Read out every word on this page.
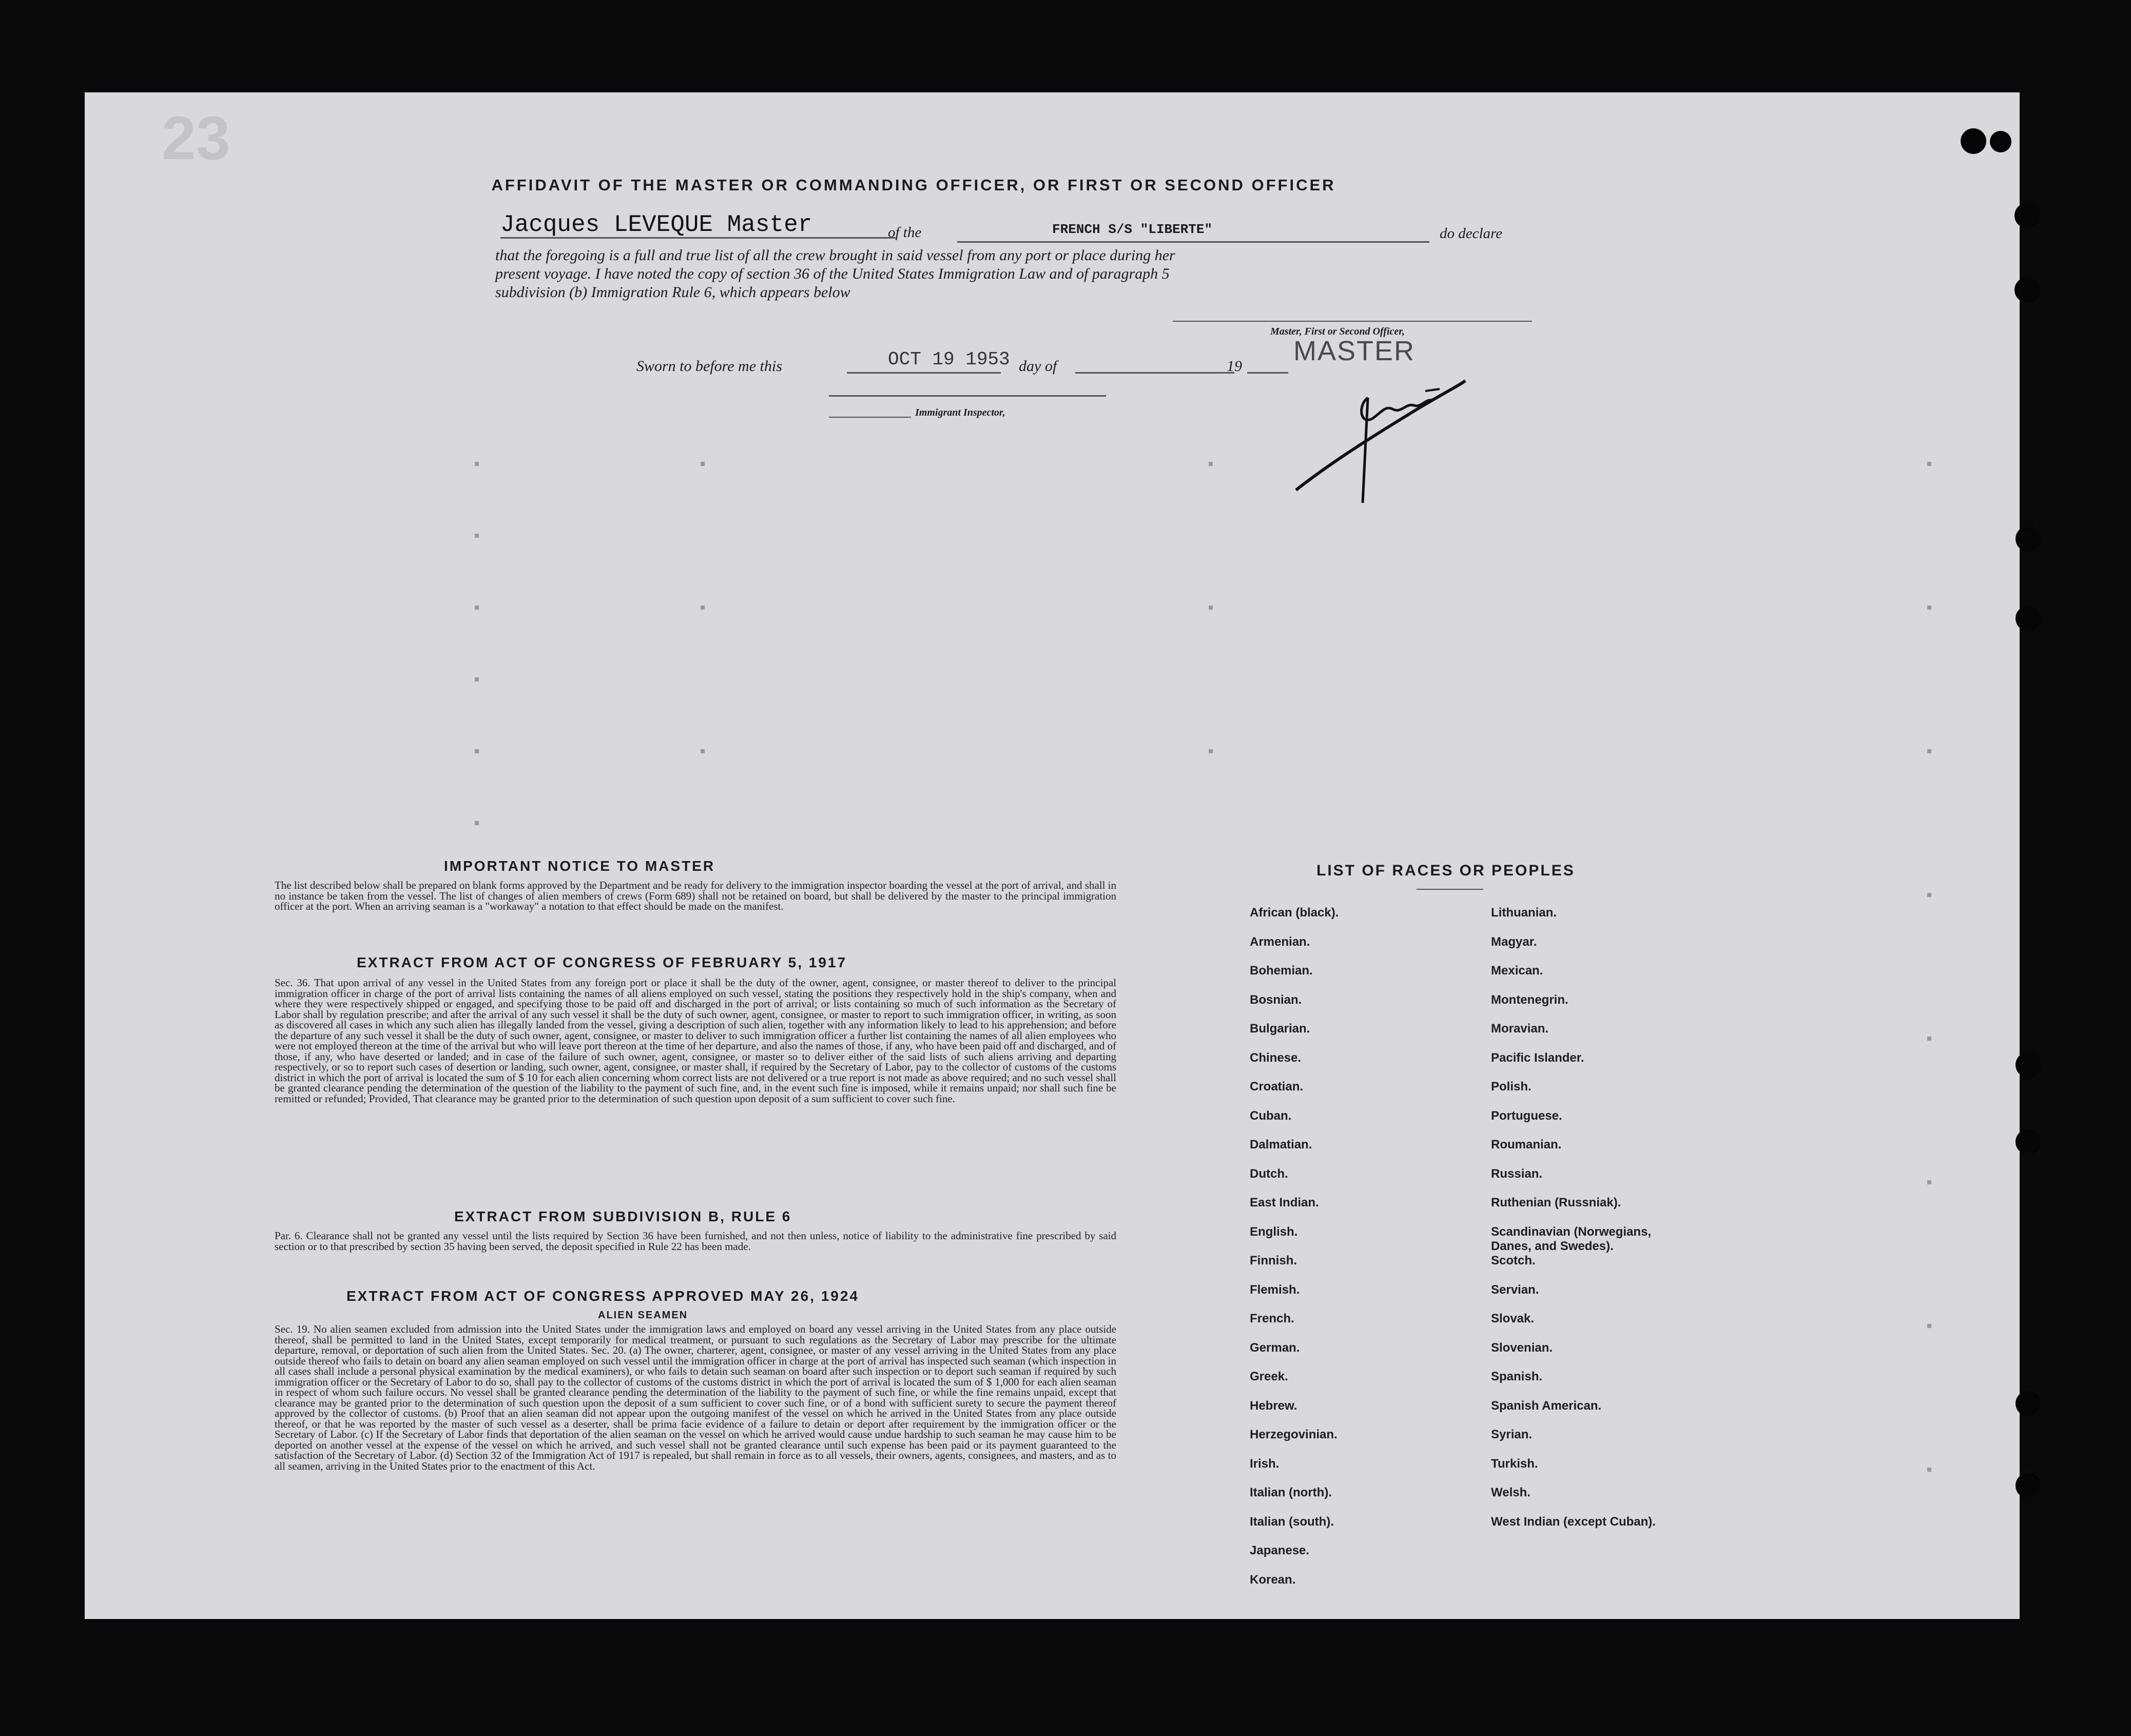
23
AFFIDAVIT OF THE MASTER OR COMMANDING OFFICER, OR FIRST OR SECOND OFFICER
Jacques LEVEQUE Master	of the	FRENCH S/S "LIBERTE"	do declare
that the foregoing is a full and true list of all the crew brought in said vessel from any port or place during her
present voyage. I have noted the copy of section 36 of the United States Immigration Law and of paragraph 5
subdivision (b) Immigration Rule 6, which appears below
Master, First or Second Officer,
MASTER
Sworn to before me this	OCT 19 1953 day of	19
Immigrant Inspector,
IMPORTANT NOTICE TO MASTER
The list described below shall be prepared on blank forms approved by the Department and be ready for delivery to the immigration inspector boarding the vessel at the port of arrival, and shall in no instance be taken from the vessel. The list of changes of alien members of crews (Form 689) shall not be retained on board, but shall be delivered by the master to the principal immigration officer at the port. When an arriving seaman is a "workaway" a notation to that effect should be made on the manifest.
EXTRACT FROM ACT OF CONGRESS OF FEBRUARY 5, 1917
Sec. 36. That upon arrival of any vessel in the United States from any foreign port or place it shall be the duty of the owner, agent, consignee, or master thereof to deliver to the principal immigration officer in charge of the port of arrival lists containing the names of all aliens employed on such vessel, stating the positions they respectively hold in the ship's company, when and where they were respectively shipped or engaged, and specifying those to be paid off and discharged in the port of arrival; or lists containing so much of such information as the Secretary of Labor shall by regulation prescribe; and after the arrival of any such vessel it shall be the duty of such owner, agent, consignee, or master to report to such immigration officer, in writing, as soon as discovered all cases in which any such alien has illegally landed from the vessel, giving a description of such alien, together with any information likely to lead to his apprehension; and before the departure of any such vessel it shall be the duty of such owner, agent, consignee, or master to deliver to such immigration officer a further list containing the names of all alien employees who were not employed thereon at the time of the arrival but who will leave port thereon at the time of her departure, and also the names of those, if any, who have been paid off and discharged, and of those, if any, who have deserted or landed; and in case of the failure of such owner, agent, consignee, or master so to deliver either of the said lists of such aliens arriving and departing respectively, or so to report such cases of desertion or landing, such owner, agent, consignee, or master shall, if required by the Secretary of Labor, pay to the collector of customs of the customs district in which the port of arrival is located the sum of $ 10 for each alien concerning whom correct lists are not delivered or a true report is not made as above required; and no such vessel shall be granted clearance pending the determination of the question of the liability to the payment of such fine, and, in the event such fine is imposed, while it remains unpaid; nor shall such fine be remitted or refunded; Provided, That clearance may be granted prior to the determination of such question upon deposit of a sum sufficient to cover such fine.
EXTRACT FROM SUBDIVISION B, RULE 6
Par. 6. Clearance shall not be granted any vessel until the lists required by Section 36 have been furnished, and not then unless, notice of liability to the administrative fine prescribed by said section or to that prescribed by section 35 having been served, the deposit specified in Rule 22 has been made.
EXTRACT FROM ACT OF CONGRESS APPROVED MAY 26, 1924
ALIEN SEAMEN
Sec. 19. No alien seamen excluded from admission into the United States under the immigration laws and employed on board any vessel arriving in the United States from any place outside thereof, shall be permitted to land in the United States, except temporarily for medical treatment, or pursuant to such regulations as the Secretary of Labor may prescribe for the ultimate departure, removal, or deportation of such alien from the United States. Sec. 20. (a) The owner, charterer, agent, consignee, or master of any vessel arriving in the United States from any place outside thereof who fails to detain on board any alien seaman employed on such vessel until the immigration officer in charge at the port of arrival has inspected such seaman (which inspection in all cases shall include a personal physical examination by the medical examiners), or who fails to detain such seaman on board after such inspection or to deport such seaman if required by such immigration officer or the Secretary of Labor to do so, shall pay to the collector of customs of the customs district in which the port of arrival is located the sum of $ 1,000 for each alien seaman in respect of whom such failure occurs. No vessel shall be granted clearance pending the determination of the liability to the payment of such fine, or while the fine remains unpaid, except that clearance may be granted prior to the determination of such question upon the deposit of a sum sufficient to cover such fine, or of a bond with sufficient surety to secure the payment thereof approved by the collector of customs. (b) Proof that an alien seaman did not appear upon the outgoing manifest of the vessel on which he arrived in the United States from any place outside thereof, or that he was reported by the master of such vessel as a deserter, shall be prima facie evidence of a failure to detain or deport after requirement by the immigration officer or the Secretary of Labor. (c) If the Secretary of Labor finds that deportation of the alien seaman on the vessel on which he arrived would cause undue hardship to such seaman he may cause him to be deported on another vessel at the expense of the vessel on which he arrived, and such vessel shall not be granted clearance until such expense has been paid or its payment guaranteed to the satisfaction of the Secretary of Labor. (d) Section 32 of the Immigration Act of 1917 is repealed, but shall remain in force as to all vessels, their owners, agents, consignees, and masters, and as to all seamen, arriving in the United States prior to the enactment of this Act.
LIST OF RACES OR PEOPLES
African (black).
Armenian.
Bohemian.
Bosnian.
Bulgarian.
Chinese.
Croatian.
Cuban.
Dalmatian.
Dutch.
East Indian.
English.
Finnish.
Flemish.
French.
German.
Greek.
Hebrew.
Herzegovinian.
Irish.
Italian (north).
Italian (south).
Japanese.
Korean.
Lithuanian.
Magyar.
Mexican.
Montenegrin.
Moravian.
Pacific Islander.
Polish.
Portuguese.
Roumanian.
Russian.
Ruthenian (Russniak).
Scandinavian (Norwegians, Danes, and Swedes).
Scotch.
Servian.
Slovak.
Slovenian.
Spanish.
Spanish American.
Syrian.
Turkish.
Welsh.
West Indian (except Cuban).
